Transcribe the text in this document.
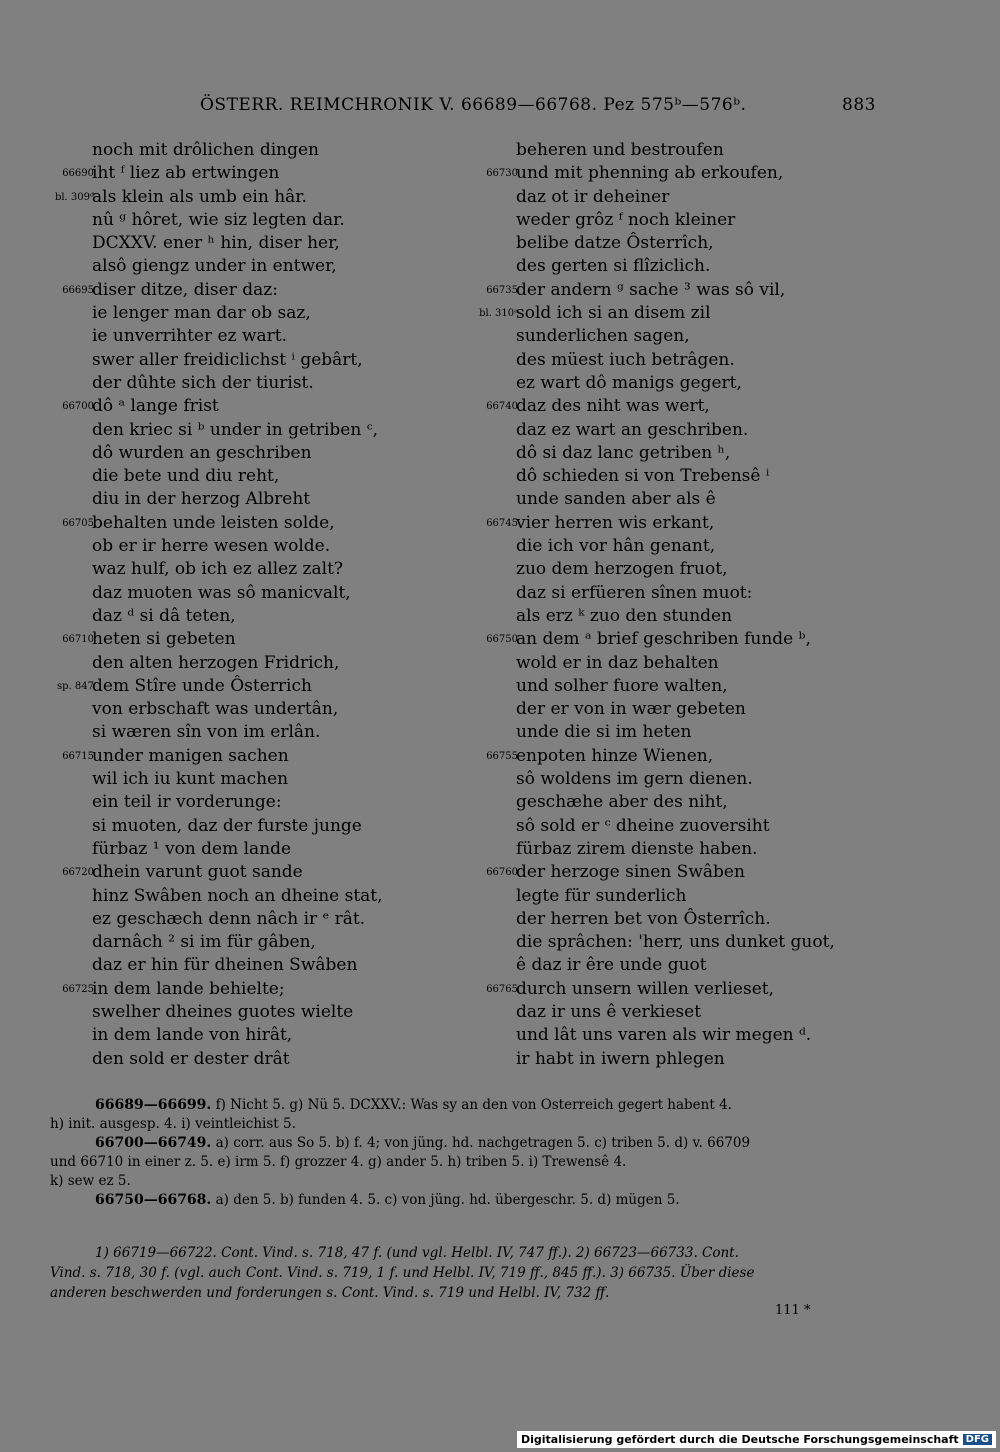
ÖSTERR. REIMCHRONIK V. 66689—66768. Pez 575ᵇ—576ᵇ.	883
noch mit drôlichen dingen
66690
iht ᶠ liez ab ertwingen
bl. 309ᵈ
als klein als umb ein hâr.
nû ᵍ hôret, wie siz legten dar.
DCXXV. ener ʰ hin, diser her,
alsô giengz under in entwer,
66695
diser ditze, diser daz:
ie lenger man dar ob saz,
ie unverrihter ez wart.
swer aller freidiclichst ⁱ gebârt,
der dûhte sich der tiurist.
66700
dô ᵃ lange frist
den kriec si ᵇ under in getriben ᶜ,
dô wurden an geschriben
die bete und diu reht,
diu in der herzog Albreht
66705
behalten unde leisten solde,
ob er ir herre wesen wolde.
waz hulf, ob ich ez allez zalt?
daz muoten was sô manicvalt,
daz ᵈ si dâ teten,
66710
heten si gebeten
den alten herzogen Fridrich,
sp. 847
dem Stîre unde Ôsterrich
von erbschaft was undertân,
si wæren sîn von im erlân.
66715
under manigen sachen
wil ich iu kunt machen
ein teil ir vorderunge:
si muoten, daz der furste junge
fürbaz ¹ von dem lande
66720
dhein varunt guot sande
hinz Swâben noch an dheine stat,
ez geschæch denn nâch ir ᵉ rât.
darnâch ² si im für gâben,
daz er hin für dheinen Swâben
66725
in dem lande behielte;
swelher dheines guotes wielte
in dem lande von hirât,
den sold er dester drât
beheren und bestroufen
66730
und mit phenning ab erkoufen,
daz ot ir deheiner
weder grôz ᶠ noch kleiner
belibe datze Ôsterrîch,
des gerten si flîziclich.
66735
der andern ᵍ sache ³ was sô vil,
bl. 310ᵃ
sold ich si an disem zil
sunderlichen sagen,
des müest iuch betrâgen.
ez wart dô manigs gegert,
66740
daz des niht was wert,
daz ez wart an geschriben.
dô si daz lanc getriben ʰ,
dô schieden si von Trebensê ⁱ
unde sanden aber als ê
66745
vier herren wis erkant,
die ich vor hân genant,
zuo dem herzogen fruot,
daz si erfüeren sînen muot:
als erz ᵏ zuo den stunden
66750
an dem ᵃ brief geschriben funde ᵇ,
wold er in daz behalten
und solher fuore walten,
der er von in wær gebeten
unde die si im heten
66755
enpoten hinze Wienen,
sô woldens im gern dienen.
geschæhe aber des niht,
sô sold er ᶜ dheine zuoversiht
fürbaz zirem dienste haben.
66760
der herzoge sinen Swâben
legte für sunderlich
der herren bet von Ôsterrîch.
die sprâchen: 'herr, uns dunket guot,
ê daz ir êre unde guot
66765
durch unsern willen verlieset,
daz ir uns ê verkieset
und lât uns varen als wir megen ᵈ.
ir habt in iwern phlegen

66689—66699. f) Nicht 5. g) Nü 5. DCXXV.: Was sy an den von Osterreich gegert habent 4.

h) init. ausgesp. 4. i) veintleichist 5.

66700—66749. a) corr. aus So 5. b) f. 4; von jüng. hd. nachgetragen 5. c) triben 5. d) v. 66709

und 66710 in einer z. 5. e) irm 5. f) grozzer 4. g) ander 5. h) triben 5. i) Trewensê 4.

k) sew ez 5.

66750—66768. a) den 5. b) funden 4. 5. c) von jüng. hd. übergeschr. 5. d) mügen 5.

1) 66719—66722. Cont. Vind. s. 718, 47 f. (und vgl. Helbl. IV, 747 ff.). 2) 66723—66733. Cont.

Vind. s. 718, 30 f. (vgl. auch Cont. Vind. s. 719, 1 f. und Helbl. IV, 719 ff., 845 ff.). 3) 66735. Über diese

anderen beschwerden und forderungen s. Cont. Vind. s. 719 und Helbl. IV, 732 ff.

111 *
Digitalisierung gefördert durch die Deutsche Forschungsgemeinschaft DFG
